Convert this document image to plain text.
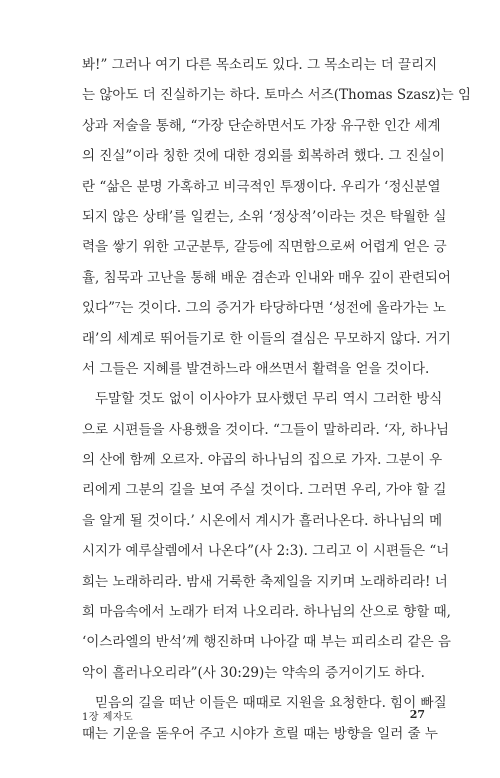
봐!” 그러나 여기 다른 목소리도 있다. 그 목소리는 더 끌리지
는 않아도 더 진실하기는 하다. 토마스 서즈(Thomas Szasz)는 임
상과 저술을 통해, “가장 단순하면서도 가장 유구한 인간 세계
의 진실”이라 칭한 것에 대한 경외를 회복하려 했다. 그 진실이
란 “삶은 분명 가혹하고 비극적인 투쟁이다. 우리가 ‘정신분열
되지 않은 상태’를 일컫는, 소위 ‘정상적’이라는 것은 탁월한 실
력을 쌓기 위한 고군분투, 갈등에 직면함으로써 어렵게 얻은 긍
휼, 침묵과 고난을 통해 배운 겸손과 인내와 매우 깊이 관련되어
있다”⁷는 것이다. 그의 증거가 타당하다면 ‘성전에 올라가는 노
래’의 세계로 뛰어들기로 한 이들의 결심은 무모하지 않다. 거기
서 그들은 지혜를 발견하느라 애쓰면서 활력을 얻을 것이다.
두말할 것도 없이 이사야가 묘사했던 무리 역시 그러한 방식
으로 시편들을 사용했을 것이다. “그들이 말하리라. ‘자, 하나님
의 산에 함께 오르자. 야곱의 하나님의 집으로 가자. 그분이 우
리에게 그분의 길을 보여 주실 것이다. 그러면 우리, 가야 할 길
을 알게 될 것이다.’ 시온에서 계시가 흘러나온다. 하나님의 메
시지가 예루살렘에서 나온다”(사 2:3). 그리고 이 시편들은 “너
희는 노래하리라. 밤새 거룩한 축제일을 지키며 노래하리라! 너
희 마음속에서 노래가 터져 나오리라. 하나님의 산으로 향할 때,
‘이스라엘의 반석’께 행진하며 나아갈 때 부는 피리소리 같은 음
악이 흘러나오리라”(사 30:29)는 약속의 증거이기도 하다.
믿음의 길을 떠난 이들은 때때로 지원을 요청한다. 힘이 빠질
때는 기운을 돋우어 주고 시야가 흐릴 때는 방향을 일러 줄 누
1장 제자도	27
